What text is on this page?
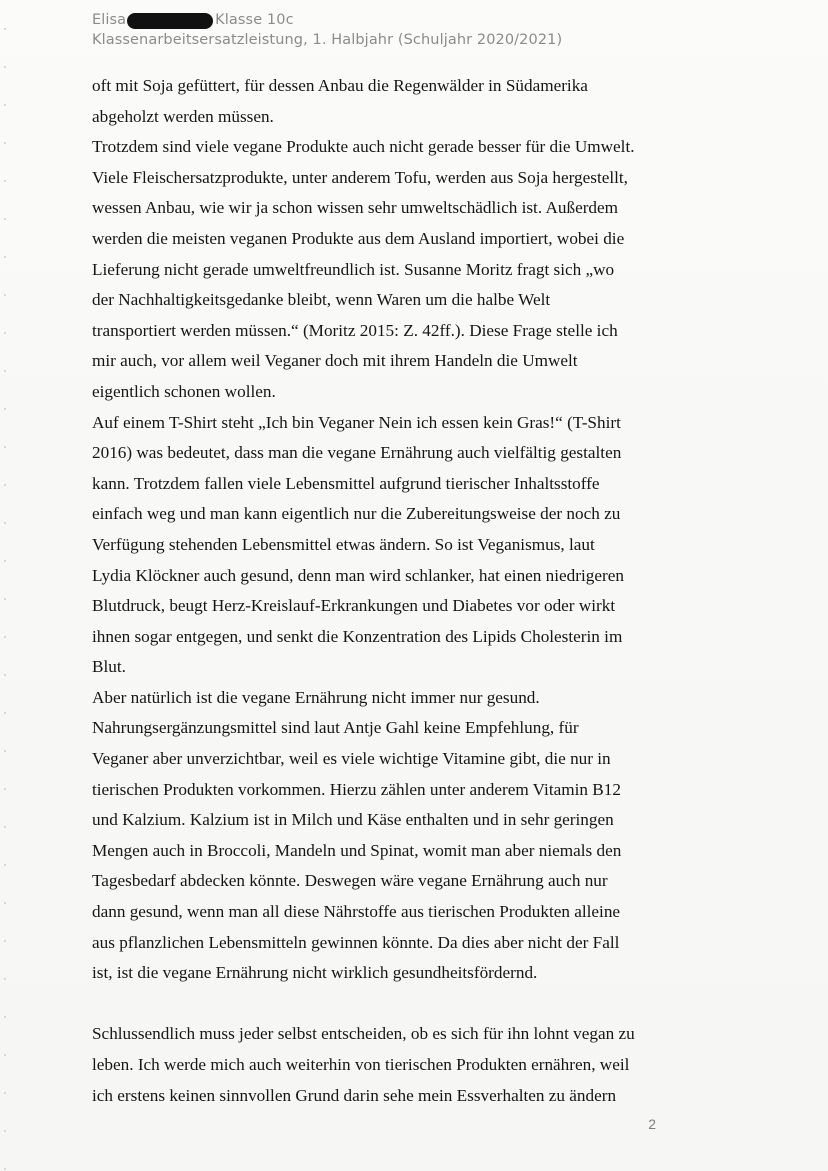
Elisa	Klasse 10c
Klassenarbeitsersatzleistung, 1. Halbjahr (Schuljahr 2020/2021)
oft mit Soja gefüttert, für dessen Anbau die Regenwälder in Südamerika
abgeholzt werden müssen.
Trotzdem sind viele vegane Produkte auch nicht gerade besser für die Umwelt.
Viele Fleischersatzprodukte, unter anderem Tofu, werden aus Soja hergestellt,
wessen Anbau, wie wir ja schon wissen sehr umweltschädlich ist. Außerdem
werden die meisten veganen Produkte aus dem Ausland importiert, wobei die
Lieferung nicht gerade umweltfreundlich ist. Susanne Moritz fragt sich „wo
der Nachhaltigkeitsgedanke bleibt, wenn Waren um die halbe Welt
transportiert werden müssen.“ (Moritz 2015: Z. 42ff.). Diese Frage stelle ich
mir auch, vor allem weil Veganer doch mit ihrem Handeln die Umwelt
eigentlich schonen wollen.
Auf einem T-Shirt steht „Ich bin Veganer Nein ich essen kein Gras!“ (T-Shirt
2016) was bedeutet, dass man die vegane Ernährung auch vielfältig gestalten
kann. Trotzdem fallen viele Lebensmittel aufgrund tierischer Inhaltsstoffe
einfach weg und man kann eigentlich nur die Zubereitungsweise der noch zu
Verfügung stehenden Lebensmittel etwas ändern. So ist Veganismus, laut
Lydia Klöckner auch gesund, denn man wird schlanker, hat einen niedrigeren
Blutdruck, beugt Herz-Kreislauf-Erkrankungen und Diabetes vor oder wirkt
ihnen sogar entgegen, und senkt die Konzentration des Lipids Cholesterin im
Blut.
Aber natürlich ist die vegane Ernährung nicht immer nur gesund.
Nahrungsergänzungsmittel sind laut Antje Gahl keine Empfehlung, für
Veganer aber unverzichtbar, weil es viele wichtige Vitamine gibt, die nur in
tierischen Produkten vorkommen. Hierzu zählen unter anderem Vitamin B12
und Kalzium. Kalzium ist in Milch und Käse enthalten und in sehr geringen
Mengen auch in Broccoli, Mandeln und Spinat, womit man aber niemals den
Tagesbedarf abdecken könnte. Deswegen wäre vegane Ernährung auch nur
dann gesund, wenn man all diese Nährstoffe aus tierischen Produkten alleine
aus pflanzlichen Lebensmitteln gewinnen könnte. Da dies aber nicht der Fall
ist, ist die vegane Ernährung nicht wirklich gesundheitsfördernd.
Schlussendlich muss jeder selbst entscheiden, ob es sich für ihn lohnt vegan zu
leben. Ich werde mich auch weiterhin von tierischen Produkten ernähren, weil
ich erstens keinen sinnvollen Grund darin sehe mein Essverhalten zu ändern
2
